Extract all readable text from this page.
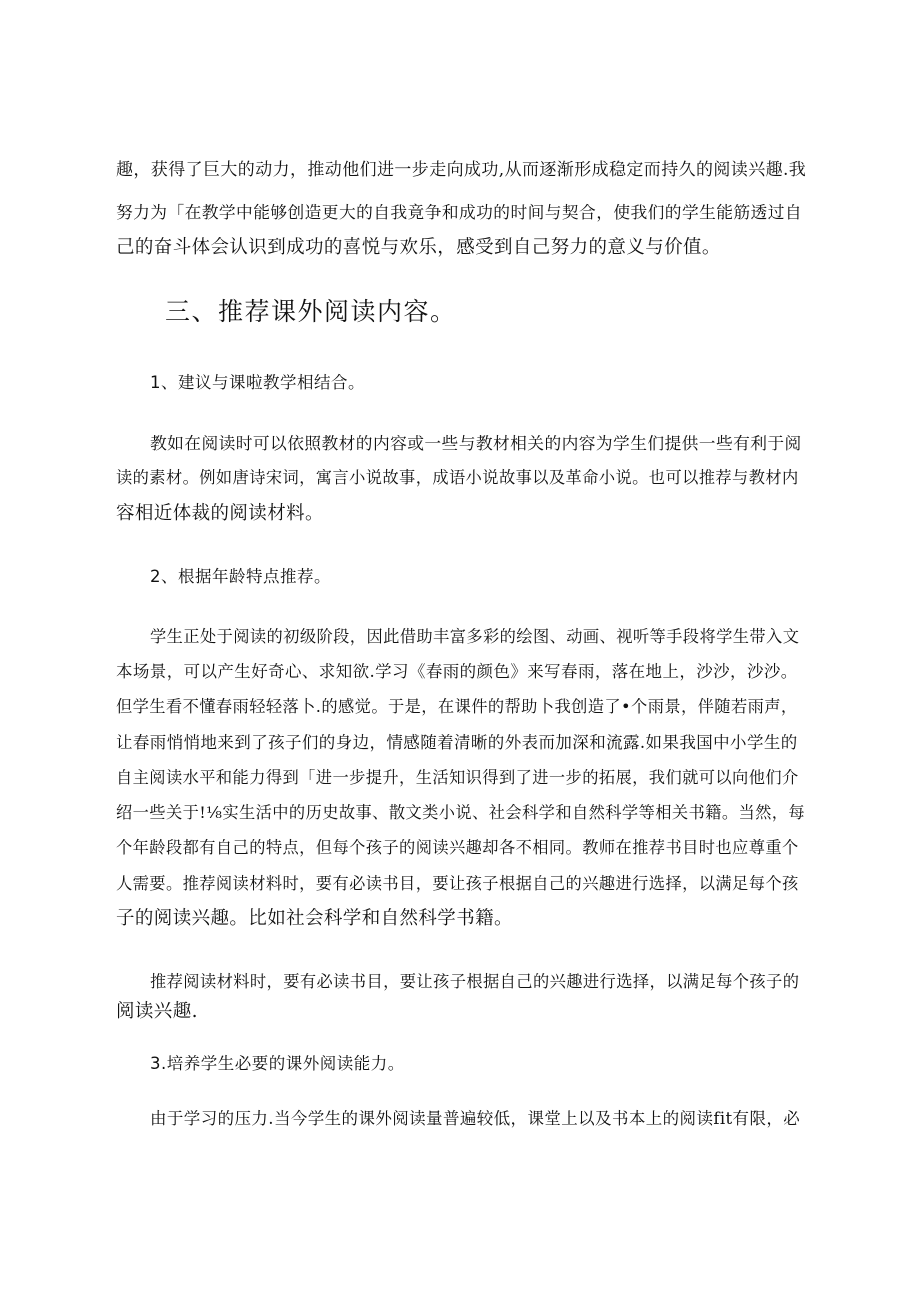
趣，获得了巨大的动力，推动他们进一步走向成功,从而逐渐形成稳定而持久的阅读兴趣.我
努力为「在教学中能够创造更大的自我竟争和成功的时间与契合，使我们的学生能筋透过自
己的奋斗体会认识到成功的喜悦与欢乐，感受到自己努力的意义与价值。
三、推荐课外阅读内容。
1、建议与课啦教学相结合。
教如在阅读时可以依照教材的内容或一些与教材相关的内容为学生们提供一些有利于阅
读的素材。例如唐诗宋词，寓言小说故事，成语小说故事以及革命小说。也可以推荐与教材内
容相近体裁的阅读材料。
2、根据年龄特点推荐。
学生正处于阅读的初级阶段，因此借助丰富多彩的绘图、动画、视听等手段将学生带入文
本场景，可以产生好奇心、求知欲.学习《春雨的颜色》来写春雨，落在地上，沙沙，沙沙。
但学生看不懂春雨轻轻落卜.的感觉。于是，在课件的帮助卜我创造了•个雨景，伴随若雨声，
让春雨悄悄地来到了孩子们的身边，情感随着清晰的外表而加深和流露.如果我国中小学生的
自主阅读水平和能力得到「进一步提升，生活知识得到了进一步的拓展，我们就可以向他们介
绍一些关于!⅛实生活中的历史故事、散文类小说、社会科学和自然科学等相关书籍。当然，每
个年龄段都有自己的特点，但每个孩子的阅读兴趣却各不相同。教师在推荐书目时也应尊重个
人需要。推荐阅读材料时，要有必读书目，要让孩子根据自己的兴趣进行选择，以满足每个孩
子的阅读兴趣。比如社会科学和自然科学书籍。
推荐阅读材料时，要有必读书目，要让孩子根据自己的兴趣进行选择，以满足每个孩子的
阅读兴趣.
3.培养学生必要的课外阅读能力。
由于学习的压力.当今学生的课外阅读量普遍较低，课堂上以及书本上的阅读fit有限，必
